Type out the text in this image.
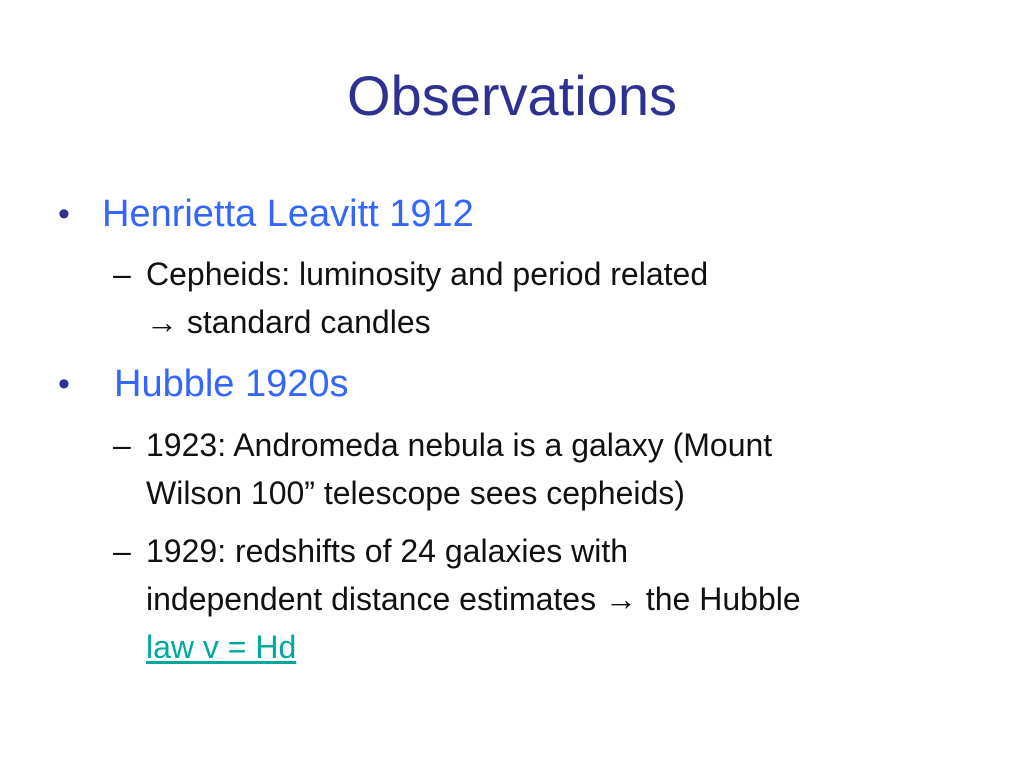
Observations
• Henrietta Leavitt 1912
– Cepheids: luminosity and period related
→ standard candles
• Hubble 1920s
– 1923: Andromeda nebula is a galaxy (Mount
Wilson 100” telescope sees cepheids)
– 1929: redshifts of 24 galaxies with
independent distance estimates → the Hubble
law v = Hd
